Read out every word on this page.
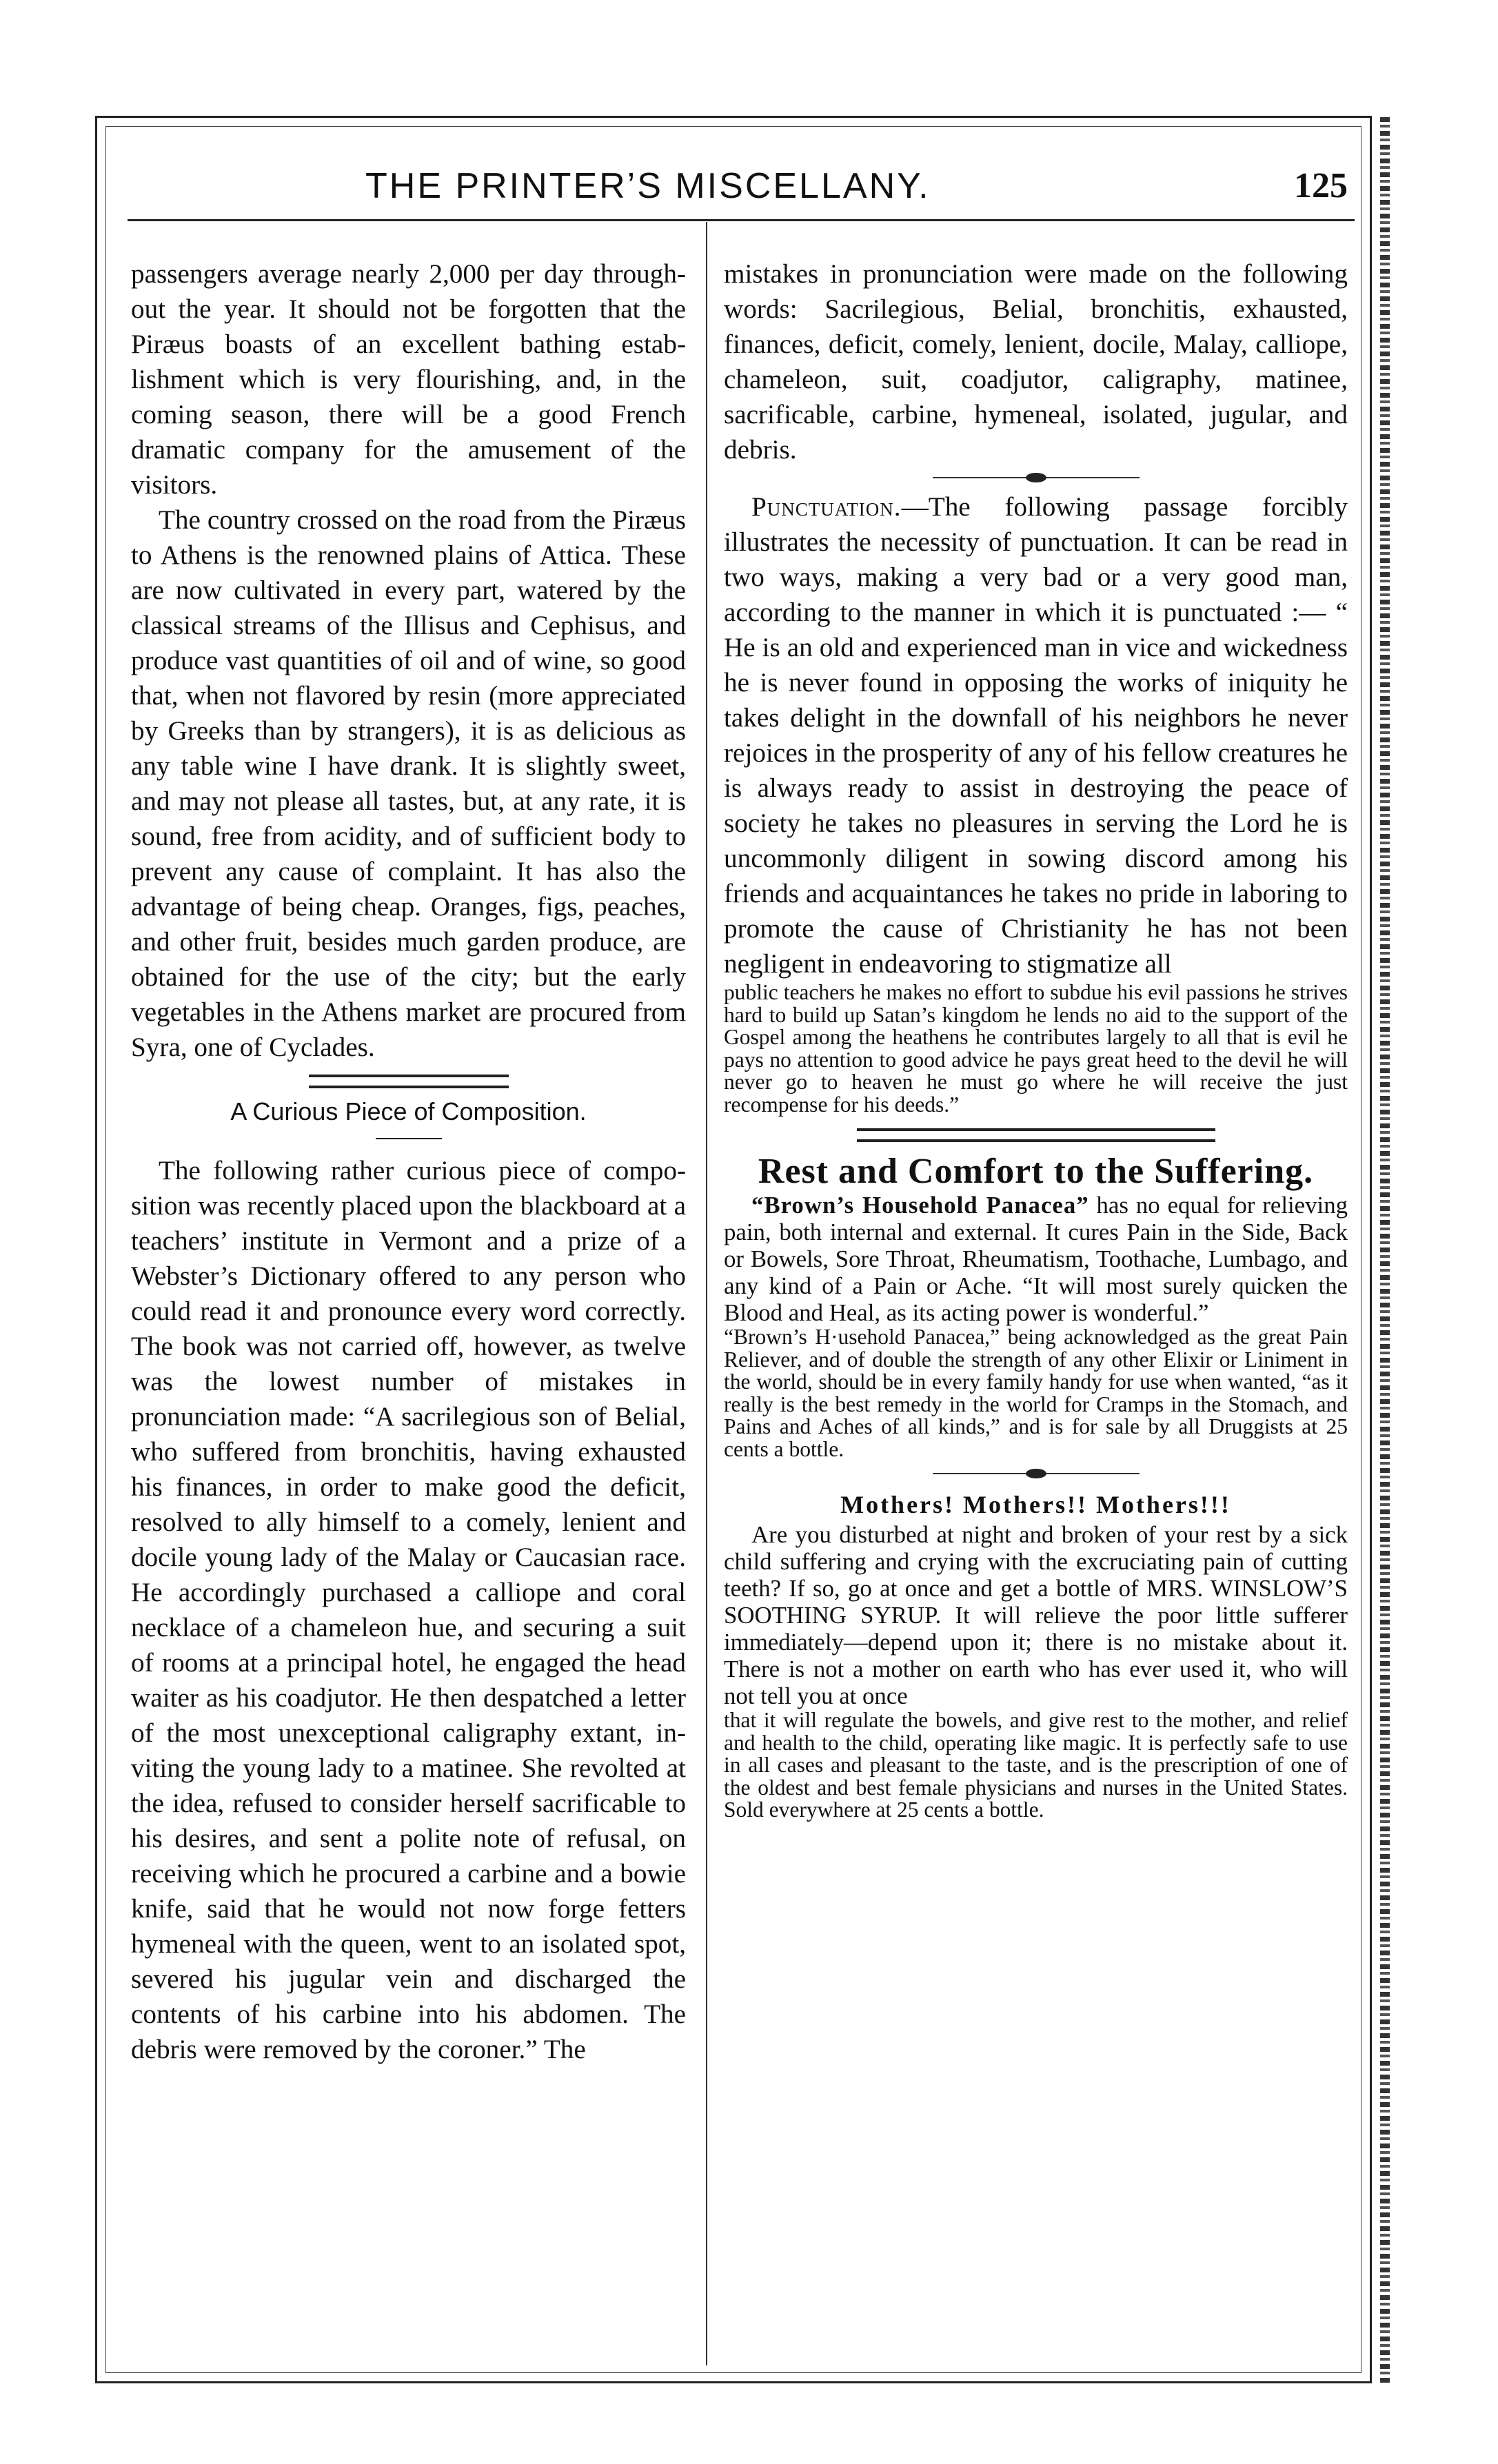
THE PRINTER’S MISCELLANY.	125

passengers average nearly 2,000 per day throughout the year. It should not be forgotten that the Piræus boasts of an excellent bathing establishment which is very flourishing, and, in the coming season, there will be a good French dramatic company for the amusement of the visitors.

The country crossed on the road from the Piræus to Athens is the renowned plains of Attica. These are now cultivated in every part, watered by the classical streams of the Illisus and Cephisus, and produce vast quantities of oil and of wine, so good that, when not flavored by resin (more appreciated by Greeks than by strangers), it is as delicious as any table wine I have drank. It is slightly sweet, and may not please all tastes, but, at any rate, it is sound, free from acidity, and of sufficient body to prevent any cause of complaint. It has also the advantage of being cheap. Oranges, figs, peaches, and other fruit, besides much garden produce, are obtained for the use of the city; but the early vegetables in the Athens market are procured from Syra, one of Cyclades.

A Curious Piece of Composition.

The following rather curious piece of composition was recently placed upon the blackboard at a teachers’ institute in Vermont and a prize of a Webster’s Dictionary offered to any person who could read it and pronounce every word correctly. The book was not carried off, however, as twelve was the lowest number of mistakes in pronunciation made: “A sacrilegious son of Belial, who suffered from bronchitis, having exhausted his finances, in order to make good the deficit, resolved to ally himself to a comely, lenient and docile young lady of the Malay or Caucasian race. He accordingly purchased a calliope and coral necklace of a chameleon hue, and securing a suit of rooms at a principal hotel, he engaged the head waiter as his coadjutor. He then despatched a letter of the most unexceptional caligraphy extant, inviting the young lady to a matinee. She revolted at the idea, refused to consider herself sacrificable to his desires, and sent a polite note of refusal, on receiving which he procured a carbine and a bowie knife, said that he would not now forge fetters hymeneal with the queen, went to an isolated spot, severed his jugular vein and discharged the contents of his carbine into his abdomen. The debris were removed by the coroner.” The

mistakes in pronunciation were made on the following words: Sacrilegious, Belial, bronchitis, exhausted, finances, deficit, comely, lenient, docile, Malay, calliope, chameleon, suit, coadjutor, caligraphy, matinee, sacrificable, carbine, hymeneal, isolated, jugular, and debris.

Punctuation.—The following passage forcibly illustrates the necessity of punctuation. It can be read in two ways, making a very bad or a very good man, according to the manner in which it is punctuated :— “ He is an old and experienced man in vice and wickedness he is never found in opposing the works of iniquity he takes delight in the downfall of his neighbors he never rejoices in the prosperity of any of his fellow creatures he is always ready to assist in destroying the peace of society he takes no pleasures in serving the Lord he is uncommonly diligent in sowing discord among his friends and acquaintances he takes no pride in laboring to promote the cause of Christianity he has not been negligent in endeavoring to stigmatize all

public teachers he makes no effort to subdue his evil passions he strives hard to build up Satan’s kingdom he lends no aid to the support of the Gospel among the heathens he contributes largely to all that is evil he pays no attention to good advice he pays great heed to the devil he will never go to heaven he must go where he will receive the just recompense for his deeds.”

Rest and Comfort to the Suffering.

“Brown’s Household Panacea” has no equal for relieving pain, both internal and external. It cures Pain in the Side, Back or Bowels, Sore Throat, Rheumatism, Toothache, Lumbago, and any kind of a Pain or Ache. “It will most surely quicken the Blood and Heal, as its acting power is wonderful.”

“Brown’s H·usehold Panacea,” being acknowledged as the great Pain Reliever, and of double the strength of any other Elixir or Liniment in the world, should be in every family handy for use when wanted, “as it really is the best remedy in the world for Cramps in the Stomach, and Pains and Aches of all kinds,” and is for sale by all Druggists at 25 cents a bottle.

Mothers! Mothers!! Mothers!!!

Are you disturbed at night and broken of your rest by a sick child suffering and crying with the excruciating pain of cutting teeth? If so, go at once and get a bottle of MRS. WINSLOW’S SOOTHING SYRUP. It will relieve the poor little sufferer immediately—depend upon it; there is no mistake about it. There is not a mother on earth who has ever used it, who will not tell you at once

that it will regulate the bowels, and give rest to the mother, and relief and health to the child, operating like magic. It is perfectly safe to use in all cases and pleasant to the taste, and is the prescription of one of the oldest and best female physicians and nurses in the United States. Sold everywhere at 25 cents a bottle.
